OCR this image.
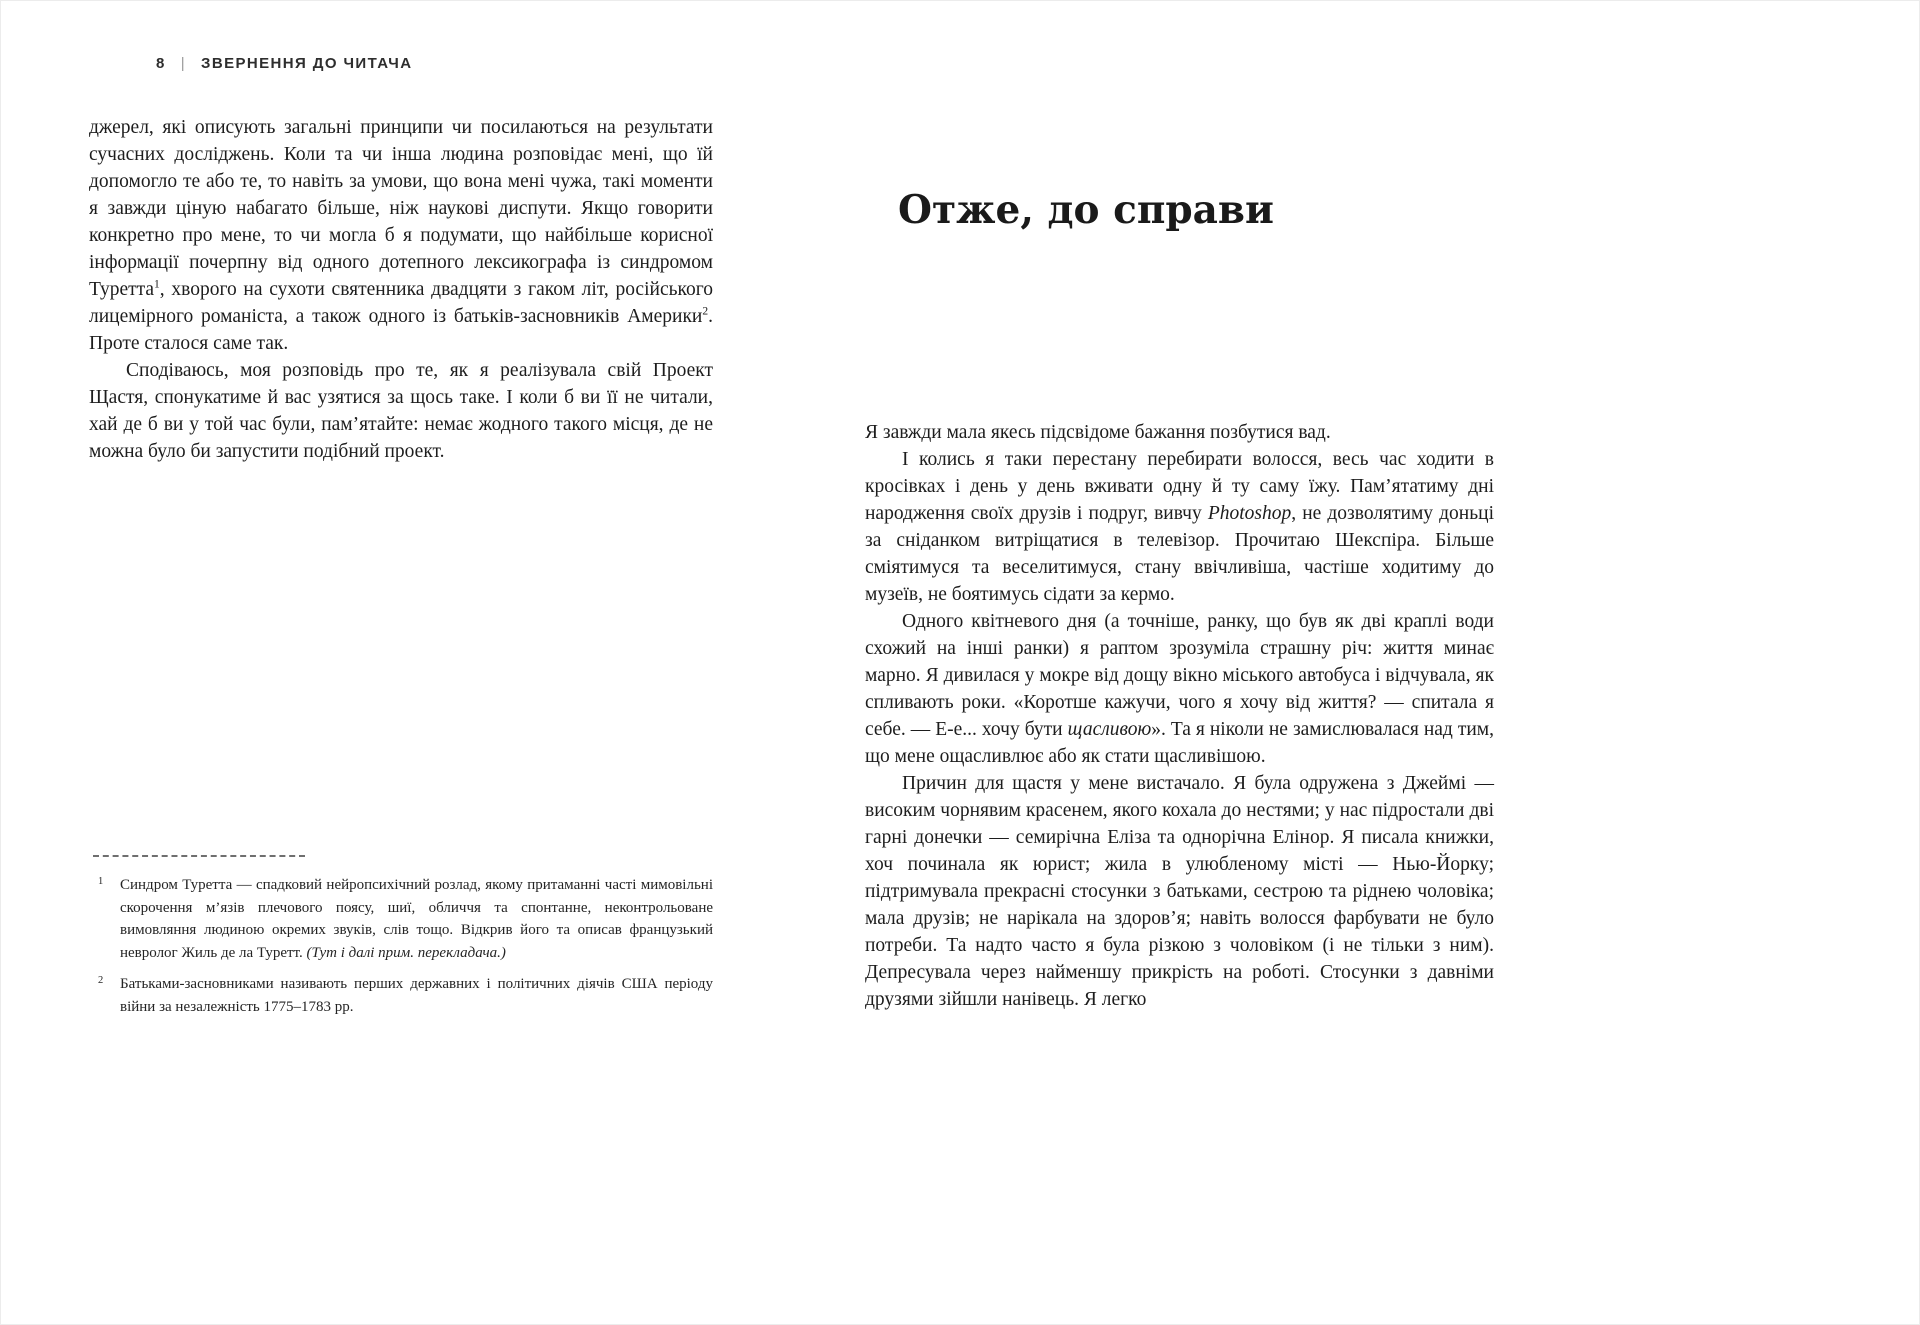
8 | ЗВЕРНЕННЯ ДО ЧИТАЧА

джерел, які описують загальні принципи чи посилаються на результати сучасних досліджень. Коли та чи інша людина розповідає мені, що їй допомогло те або те, то навіть за умови, що вона мені чужа, такі моменти я завжди ціную набагато більше, ніж наукові диспути. Якщо говорити конкретно про мене, то чи могла б я подумати, що найбільше корисної інформації почерпну від одного дотепного лексикографа із синдромом Туретта$^1$, хворого на сухоти святенника двадцяти з гаком літ, російського лицемірного романіста, а також одного із батьків-засновників Америки$^2$. Проте сталося саме так.

Сподіваюсь, моя розповідь про те, як я реалізувала свій Проект Щастя, спонукатиме й вас узятися за щось таке. І коли б ви її не читали, хай де б ви у той час були, пам’ятайте: немає жодного такого місця, де не можна було би запустити подібний проект.

1 Синдром Туретта — спадковий нейропсихічний розлад, якому притаманні часті мимовільні скорочення м’язів плечового поясу, шиї, обличчя та спонтанне, неконтрольоване вимовляння людиною окремих звуків, слів тощо. Відкрив його та описав французький невролог Жиль де ла Туретт. (Тут і далі прим. перекладача.)
2 Батьками-засновниками називають перших державних і політичних діячів США періоду війни за незалежність 1775–1783 рр.
Отже, до справи

Я завжди мала якесь підсвідоме бажання позбутися вад.

І колись я таки перестану перебирати волосся, весь час ходити в кросівках і день у день вживати одну й ту саму їжу. Пам’ятатиму дні народження своїх друзів і подруг, вивчу Photoshop, не дозволятиму доньці за сніданком витріщатися в телевізор. Прочитаю Шекспіра. Більше сміятимуся та веселитимуся, стану ввічливіша, частіше ходитиму до музеїв, не боятимусь сідати за кермо.

Одного квітневого дня (а точніше, ранку, що був як дві краплі води схожий на інші ранки) я раптом зрозуміла страшну річ: життя минає марно. Я дивилася у мокре від дощу вікно міського автобуса і відчувала, як спливають роки. «Коротше кажучи, чого я хочу від життя? — спитала я себе. — Е-е... хочу бути щасливою». Та я ніколи не замислювалася над тим, що мене ощасливлює або як стати щасливішою.

Причин для щастя у мене вистачало. Я була одружена з Джеймі — високим чорнявим красенем, якого кохала до нестями; у нас підростали дві гарні донечки — семирічна Еліза та однорічна Елінор. Я писала книжки, хоч починала як юрист; жила в улюбленому місті — Нью-Йорку; підтримувала прекрасні стосунки з батьками, сестрою та ріднею чоловіка; мала друзів; не нарікала на здоров’я; навіть волосся фарбувати не було потреби. Та надто часто я була різкою з чоловіком (і не тільки з ним). Депресувала через найменшу прикрість на роботі. Стосунки з давніми друзями зійшли нанівець. Я легко
